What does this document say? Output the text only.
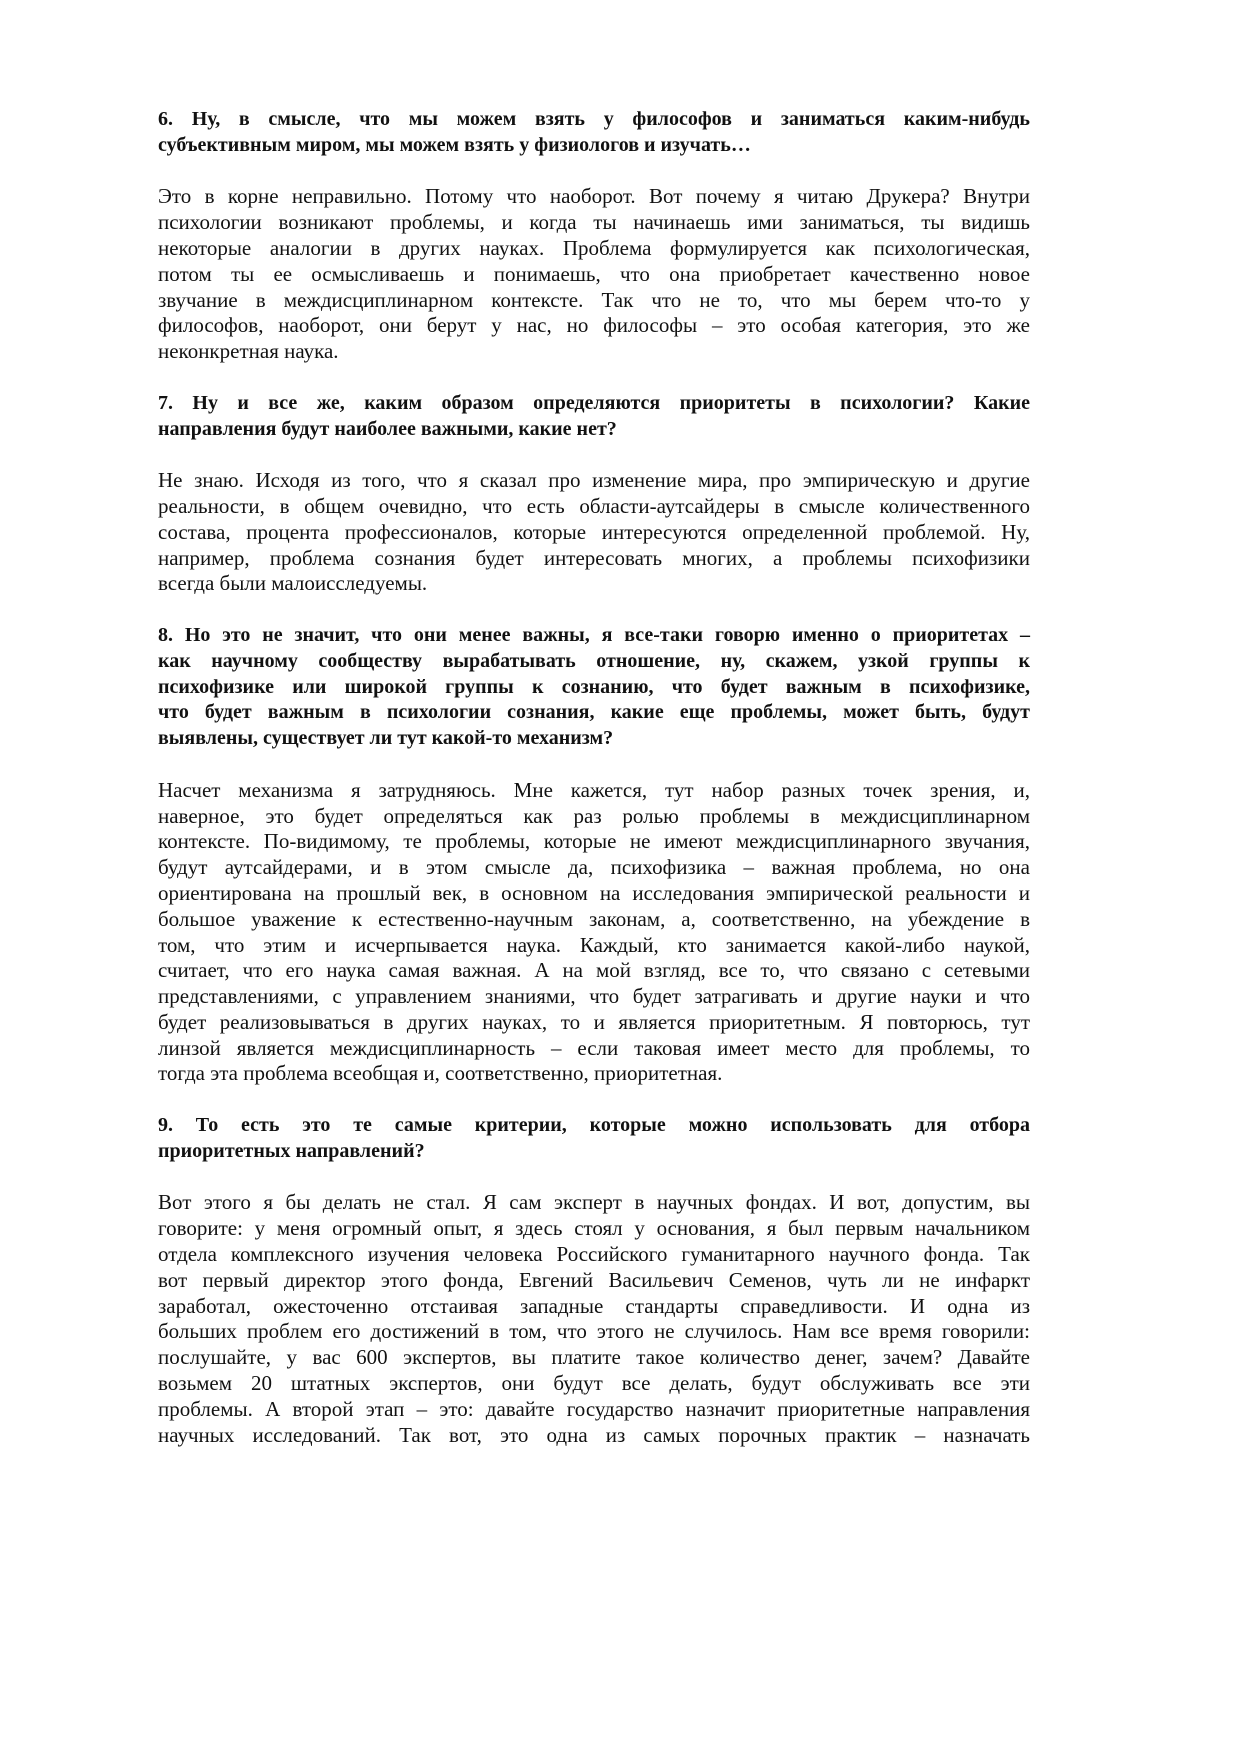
6. Ну, в смысле, что мы можем взять у философов и заниматься каким-нибудь
субъективным миром, мы можем взять у физиологов и изучать…
Это в корне неправильно. Потому что наоборот. Вот почему я читаю Друкера? Внутри
психологии возникают проблемы, и когда ты начинаешь ими заниматься, ты видишь
некоторые аналогии в других науках. Проблема формулируется как психологическая,
потом ты ее осмысливаешь и понимаешь, что она приобретает качественно новое
звучание в междисциплинарном контексте. Так что не то, что мы берем что-то у
философов, наоборот, они берут у нас, но философы – это особая категория, это же
неконкретная наука.
7. Ну и все же, каким образом определяются приоритеты в психологии? Какие
направления будут наиболее важными, какие нет?
Не знаю. Исходя из того, что я сказал про изменение мира, про эмпирическую и другие
реальности, в общем очевидно, что есть области-аутсайдеры в смысле количественного
состава, процента профессионалов, которые интересуются определенной проблемой. Ну,
например, проблема сознания будет интересовать многих, а проблемы психофизики
всегда были малоисследуемы.
8. Но это не значит, что они менее важны, я все-таки говорю именно о приоритетах –
как научному сообществу вырабатывать отношение, ну, скажем, узкой группы к
психофизике или широкой группы к сознанию, что будет важным в психофизике,
что будет важным в психологии сознания, какие еще проблемы, может быть, будут
выявлены, существует ли тут какой-то механизм?
Насчет механизма я затрудняюсь. Мне кажется, тут набор разных точек зрения, и,
наверное, это будет определяться как раз ролью проблемы в междисциплинарном
контексте. По-видимому, те проблемы, которые не имеют междисциплинарного звучания,
будут аутсайдерами, и в этом смысле да, психофизика – важная проблема, но она
ориентирована на прошлый век, в основном на исследования эмпирической реальности и
большое уважение к естественно-научным законам, а, соответственно, на убеждение в
том, что этим и исчерпывается наука. Каждый, кто занимается какой-либо наукой,
считает, что его наука самая важная. А на мой взгляд, все то, что связано с сетевыми
представлениями, с управлением знаниями, что будет затрагивать и другие науки и что
будет реализовываться в других науках, то и является приоритетным. Я повторюсь, тут
линзой является междисциплинарность – если таковая имеет место для проблемы, то
тогда эта проблема всеобщая и, соответственно, приоритетная.
9. То есть это те самые критерии, которые можно использовать для отбора
приоритетных направлений?
Вот этого я бы делать не стал. Я сам эксперт в научных фондах. И вот, допустим, вы
говорите: у меня огромный опыт, я здесь стоял у основания, я был первым начальником
отдела комплексного изучения человека Российского гуманитарного научного фонда. Так
вот первый директор этого фонда, Евгений Васильевич Семенов, чуть ли не инфаркт
заработал, ожесточенно отстаивая западные стандарты справедливости. И одна из
больших проблем его достижений в том, что этого не случилось. Нам все время говорили:
послушайте, у вас 600 экспертов, вы платите такое количество денег, зачем? Давайте
возьмем 20 штатных экспертов, они будут все делать, будут обслуживать все эти
проблемы. А второй этап – это: давайте государство назначит приоритетные направления
научных исследований. Так вот, это одна из самых порочных практик – назначать
